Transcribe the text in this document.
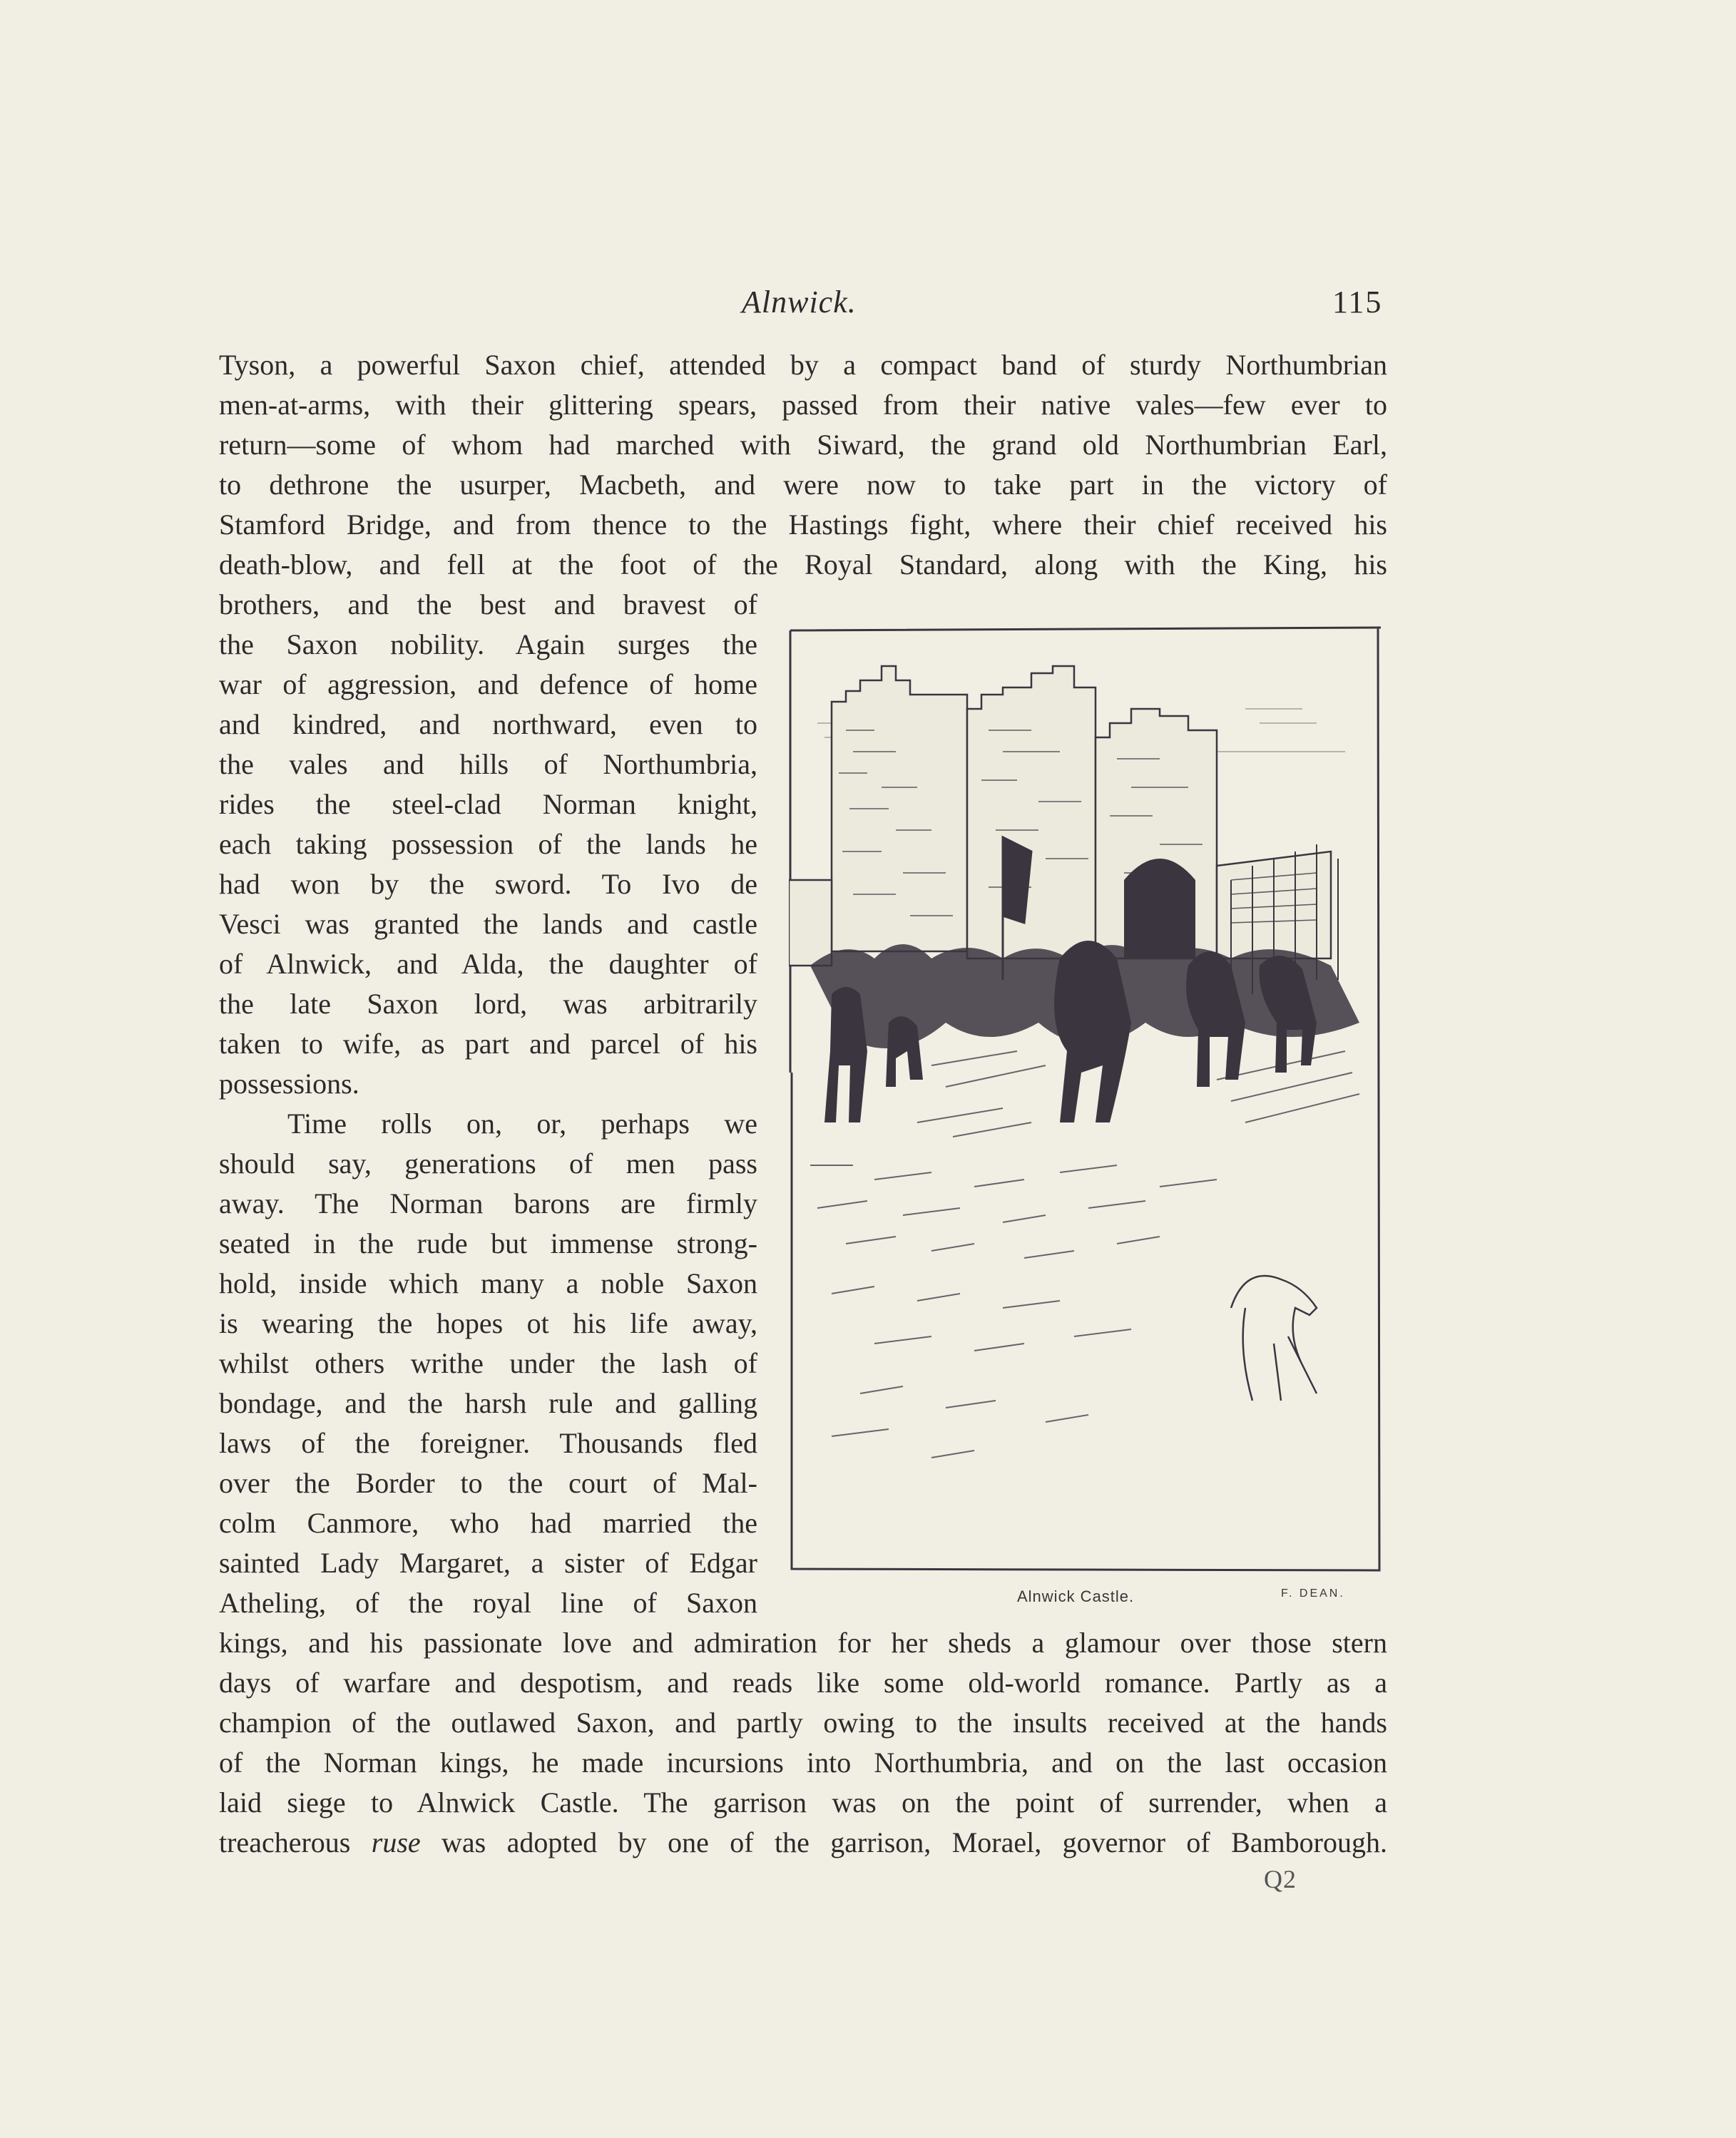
Alnwick.	115
Tyson, a powerful Saxon chief, attended by a compact band of sturdy Northumbrian
men-at-arms, with their glittering spears, passed from their native vales—few ever to
return—some of whom had marched with Siward, the grand old Northumbrian Earl,
to dethrone the usurper, Macbeth, and were now to take part in the victory of
Stamford Bridge, and from thence to the Hastings fight, where their chief received his
death-blow, and fell at the foot of the Royal Standard, along with the King, his
brothers, and the best and bravest of
the Saxon nobility. Again surges the
war of aggression, and defence of home
and kindred, and northward, even to
the vales and hills of Northumbria,
rides the steel-clad Norman knight,
each taking possession of the lands he
had won by the sword. To Ivo de
Vesci was granted the lands and castle
of Alnwick, and Alda, the daughter of
the late Saxon lord, was arbitrarily
taken to wife, as part and parcel of his
possessions.
Time rolls on, or, perhaps we
should say, generations of men pass
away. The Norman barons are firmly
seated in the rude but immense strong-
hold, inside which many a noble Saxon
is wearing the hopes ot his life away,
whilst others writhe under the lash of
bondage, and the harsh rule and galling
laws of the foreigner. Thousands fled
over the Border to the court of Mal-
colm Canmore, who had married the
sainted Lady Margaret, a sister of Edgar
Atheling, of the royal line of Saxon
kings, and his passionate love and admiration for her sheds a glamour over those stern
days of warfare and despotism, and reads like some old-world romance. Partly as a
champion of the outlawed Saxon, and partly owing to the insults received at the hands
of the Norman kings, he made incursions into Northumbria, and on the last occasion
laid siege to Alnwick Castle. The garrison was on the point of surrender, when a
treacherous ruse was adopted by one of the garrison, Morael, governor of Bamborough.
Alnwick Castle.	F. DEAN.
Q2
